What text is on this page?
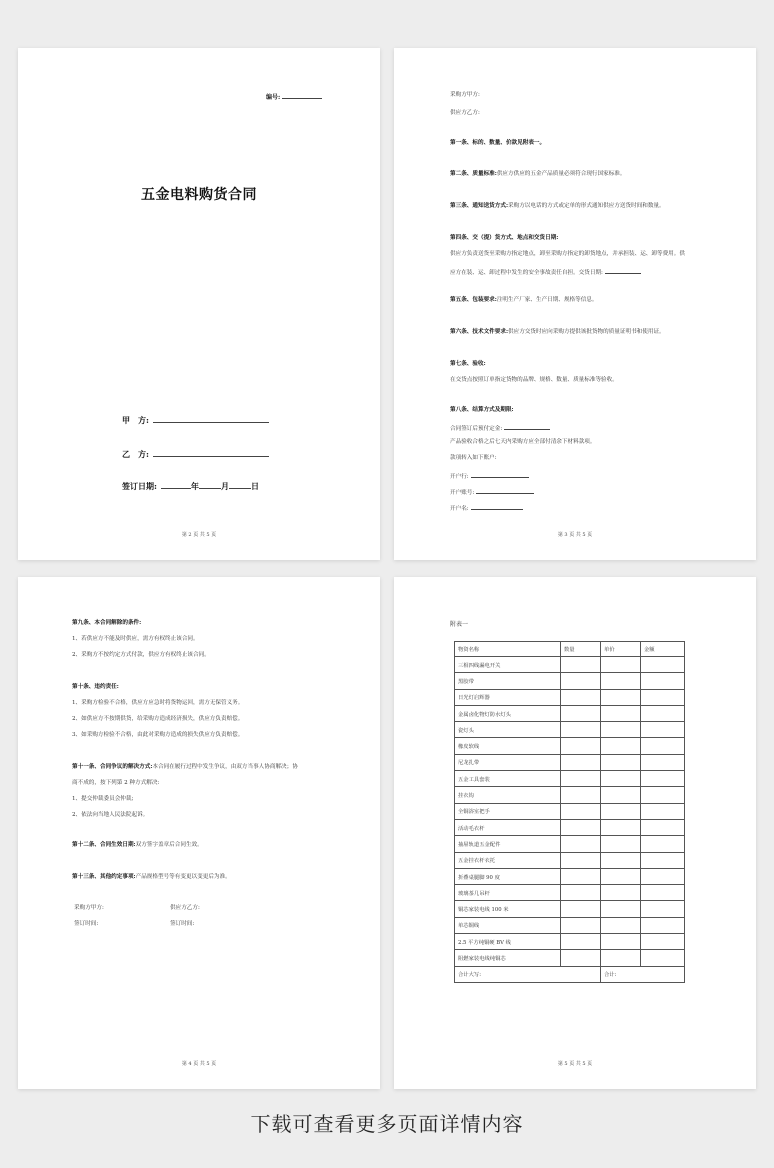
编号:
五金电料购货合同
甲　方:
乙　方:
签订日期:	年	月	日
第 2 页 共 5 页
采购方甲方:
供应方乙方:
第一条、标的、数量、价款见附表一。
第二条、质量标准:供应方供应的五金产品质量必须符合现行国家标准。
第三条、通知送货方式:采购方以电话的方式或定单的形式通知供应方送货时间和数量。
第四条、交（提）货方式、地点和交货日期:
供应方负责送货至采购方指定地点，卸至采购方指定的卸货地点，并承担装、运、卸等费用。供
应方在装、运、卸过程中发生的安全事故责任自担。交货日期:
第五条、包装要求:注明生产厂家、生产日期、规格等信息。
第六条、技术文件要求:供应方交货时应向采购方提供该批货物的质量证明书和使用证。
第七条、验收:
在交货点按照订单指定货物的品牌、规格、数量、质量标准等验收。
第八条、结算方式及期限:
合同签订后预付定金:
产品验收合格之后七天内采购方应全部付清余下材料款项。
款项转入如下账户:
开户行:
开户账号:
开户名:
第 3 页 共 5 页
第九条、本合同解除的条件:
1、若供应方不能及时供应，需方有权终止该合同。
2、采购方不按约定方式付款，供应方有权终止该合同。
第十条、违约责任:
1、采购方检验不合格，供应方应急时将货物运回，需方无保管义务。
2、如供应方不按期供货，给采购方造成经济损失，供应方负责赔偿。
3、如采购方检验不合格，由此对采购方造成的损失供应方负责赔偿。
第十一条、合同争议的解决方式:本合同在履行过程中发生争议，由双方当事人协商解决；协
商不成的，按下列第 2 种方式解决:
1、提交仲裁委员会仲裁;
2、依法向当地人民法院起诉。
第十二条、合同生效日期:双方签字盖章后合同生效。
第十三条、其他约定事项:产品规格型号等有变更以变更后为准。
采购方甲方:
签订时间:
供应方乙方:
签订时间:
第 4 页 共 5 页
附表一
物资名称	数量	单价	金额
三相四线漏电开关			
黑胶带			
日光灯启辉器			
金属卤化物灯防水灯头			
瓷灯头			
橡皮软线			
尼龙扎带			
五金工具套装			
挂衣钩			
全铜浴室把手			
活动毛衣杆			
抽屉轨道五金配件			
五金挂衣杆衣托			
折叠桌腿脚 90 度			
玻璃茶几吊杆			
铜芯家装电线 100 米			
单芯铜线			
2.5 平方纯铜硬 BV 线			
阻燃家装电线纯铜芯			
合计大写:		合计:	
第 5 页 共 5 页
下载可查看更多页面详情内容
